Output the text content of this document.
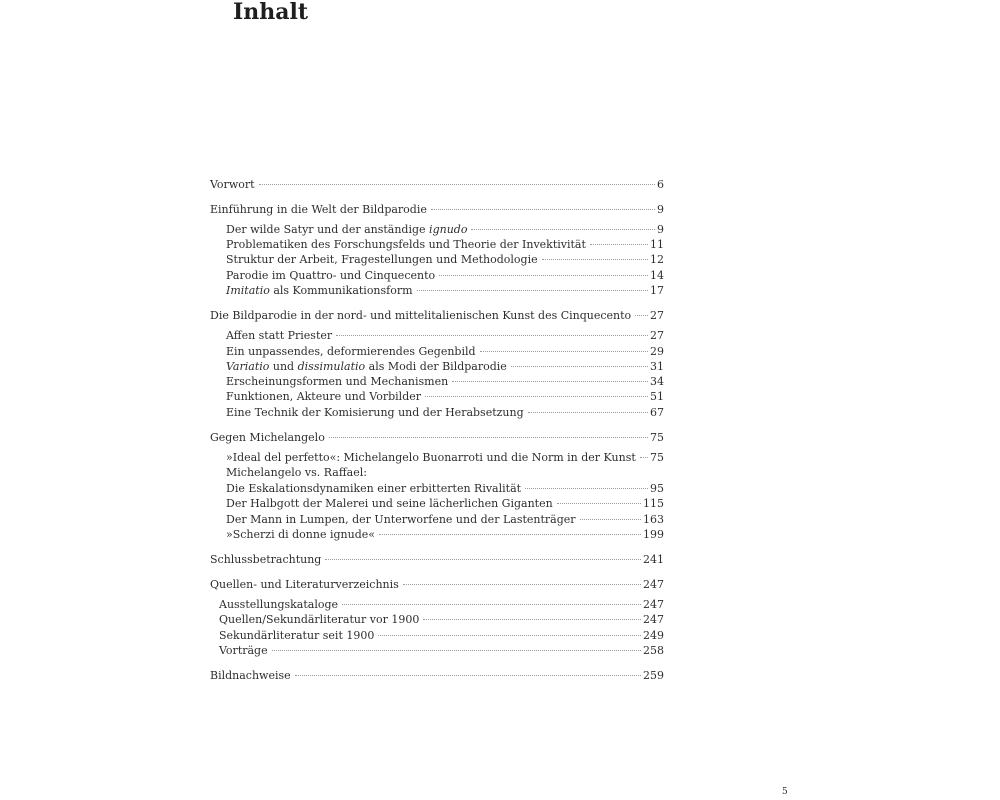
Inhalt
Vorwort	6
Einführung in die Welt der Bildparodie	9
Der wilde Satyr und der anständige ignudo	9
Problematiken des Forschungsfelds und Theorie der Invektivität	11
Struktur der Arbeit, Fragestellungen und Methodologie	12
Parodie im Quattro- und Cinquecento	14
Imitatio als Kommunikationsform	17
Die Bildparodie in der nord- und mittelitalienischen Kunst des Cinquecento 27
Affen statt Priester	27
Ein unpassendes, deformierendes Gegenbild	29
Variatio und dissimulatio als Modi der Bildparodie	31
Erscheinungsformen und Mechanismen	34
Funktionen, Akteure und Vorbilder	51
Eine Technik der Komisierung und der Herabsetzung	67
Gegen Michelangelo	75
»Ideal del perfetto«: Michelangelo Buonarroti und die Norm in der Kunst 75
Michelangelo vs. Raffael:
Die Eskalationsdynamiken einer erbitterten Rivalität	95
Der Halbgott der Malerei und seine lächerlichen Giganten	115
Der Mann in Lumpen, der Unterworfene und der Lastenträger	163
»Scherzi di donne ignude«	199
Schlussbetrachtung	241
Quellen- und Literaturverzeichnis	247
Ausstellungskataloge	247
Quellen/Sekundärliteratur vor 1900	247
Sekundärliteratur seit 1900	249
Vorträge	258
Bildnachweise	259
5
